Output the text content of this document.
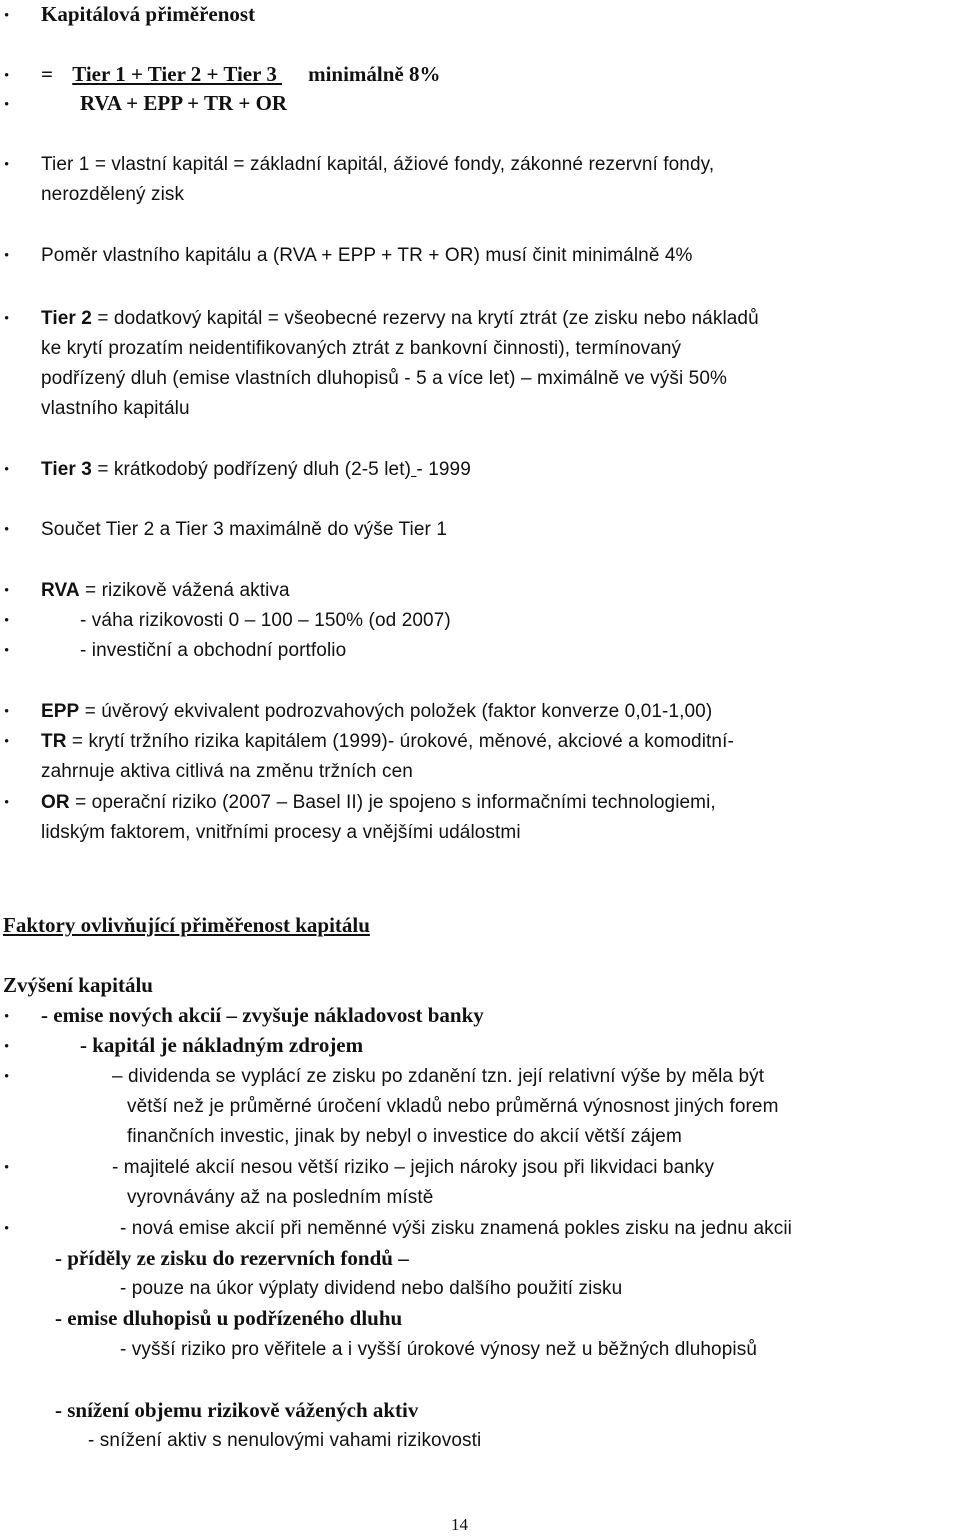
•
•
•
•
•
•
•
•
•
•
•
•
•
•
•
•
•
•
•
Kapitálová přiměřenost
= Tier 1 + Tier 2 + Tier 3 minimálně 8%
RVA + EPP + TR + OR
Tier 1 = vlastní kapitál = základní kapitál, ážiové fondy, zákonné rezervní fondy,
nerozdělený zisk
Poměr vlastního kapitálu a (RVA + EPP + TR + OR) musí činit minimálně 4%
Tier 2 = dodatkový kapitál = všeobecné rezervy na krytí ztrát (ze zisku nebo nákladů
ke krytí prozatím neidentifikovaných ztrát z bankovní činnosti), termínovaný
podřízený dluh (emise vlastních dluhopisů - 5 a více let) – mximálně ve výši 50%
vlastního kapitálu
Tier 3 = krátkodobý podřízený dluh (2-5 let) - 1999
Součet Tier 2 a Tier 3 maximálně do výše Tier 1
RVA = rizikově vážená aktiva
- váha rizikovosti 0 – 100 – 150% (od 2007)
- investiční a obchodní portfolio
EPP = úvěrový ekvivalent podrozvahových položek (faktor konverze 0,01-1,00)
TR = krytí tržního rizika kapitálem (1999)- úrokové, měnové, akciové a komoditní-
zahrnuje aktiva citlivá na změnu tržních cen
OR = operační riziko (2007 – Basel II) je spojeno s informačními technologiemi,
lidským faktorem, vnitřními procesy a vnějšími událostmi
Faktory ovlivňující přiměřenost kapitálu
Zvýšení kapitálu
- emise nových akcií – zvyšuje nákladovost banky
- kapitál je nákladným zdrojem
– dividenda se vyplácí ze zisku po zdanění tzn. její relativní výše by měla být
větší než je průměrné úročení vkladů nebo průměrná výnosnost jiných forem
finančních investic, jinak by nebyl o investice do akcií větší zájem
- majitelé akcií nesou větší riziko – jejich nároky jsou při likvidaci banky
vyrovnávány až na posledním místě
- nová emise akcií při neměnné výši zisku znamená pokles zisku na jednu akcii
- příděly ze zisku do rezervních fondů –
- pouze na úkor výplaty dividend nebo dalšího použití zisku
- emise dluhopisů u podřízeného dluhu
- vyšší riziko pro věřitele a i vyšší úrokové výnosy než u běžných dluhopisů
- snížení objemu rizikově vážených aktiv
- snížení aktiv s nenulovými vahami rizikovosti
14
